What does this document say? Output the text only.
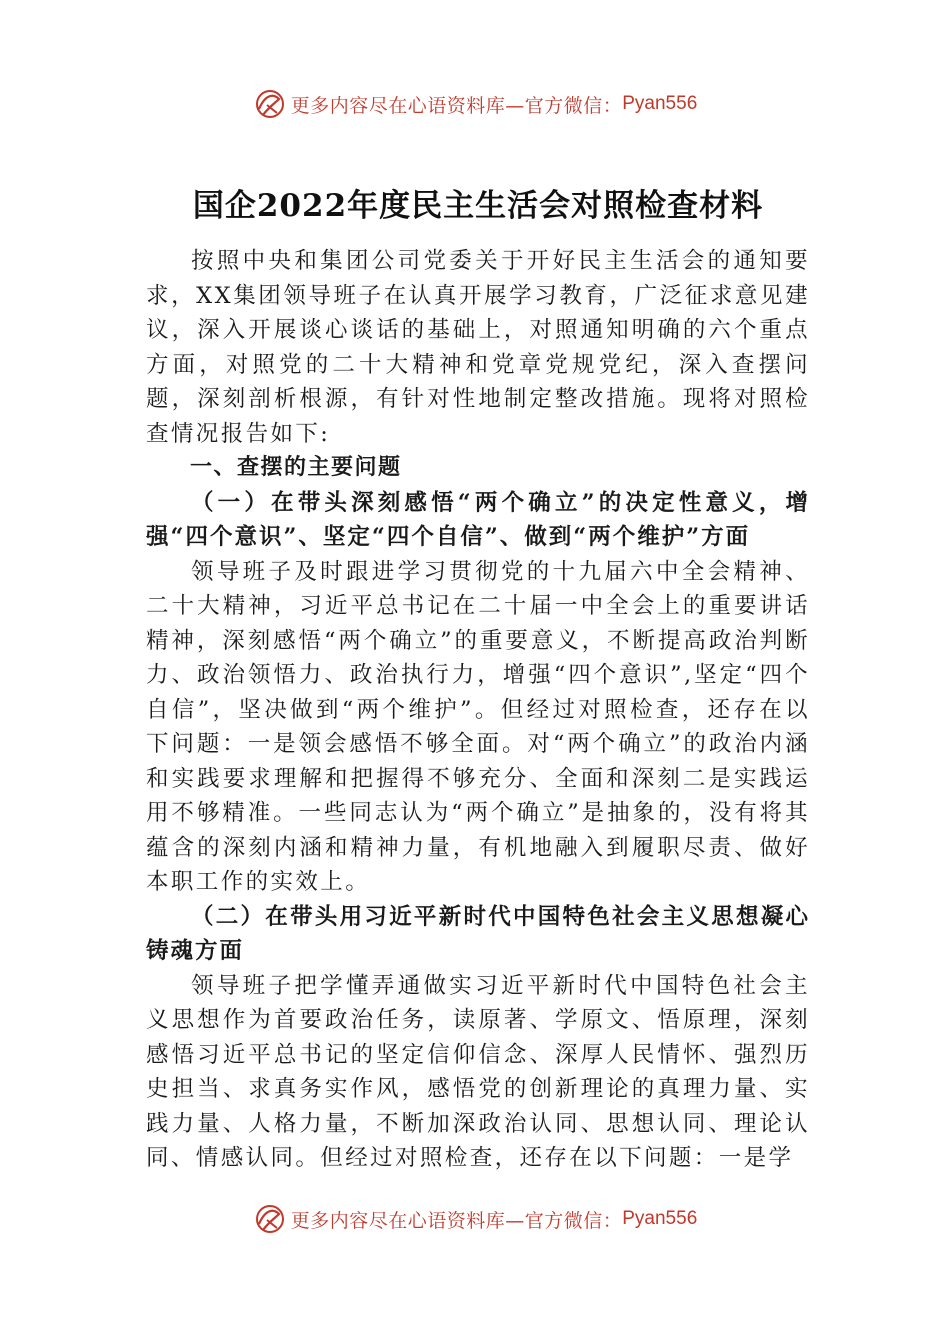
更多内容尽在心语资料库—官方微信： Pyan556
国企2022年度民主生活会对照检查材料

按照中央和集团公司党委关于开好民主生活会的通知要求，XX集团领导班子在认真开展学习教育，广泛征求意见建议，深入开展谈心谈话的基础上，对照通知明确的六个重点方面，对照党的二十大精神和党章党规党纪，深入查摆问题，深刻剖析根源，有针对性地制定整改措施。现将对照检查情况报告如下:

一、查摆的主要问题

（一）在带头深刻感悟“两个确立”的决定性意义，增强“四个意识”、坚定“四个自信”、做到“两个维护”方面

领导班子及时跟进学习贯彻党的十九届六中全会精神、二十大精神，习近平总书记在二十届一中全会上的重要讲话精神，深刻感悟“两个确立”的重要意义，不断提高政治判断力、政治领悟力、政治执行力，增强“四个意识”,坚定“四个自信”，坚决做到“两个维护”。但经过对照检查，还存在以下问题：一是领会感悟不够全面。对“两个确立”的政治内涵和实践要求理解和把握得不够充分、全面和深刻二是实践运用不够精准。一些同志认为“两个确立”是抽象的，没有将其蕴含的深刻内涵和精神力量，有机地融入到履职尽责、做好本职工作的实效上。

（二）在带头用习近平新时代中国特色社会主义思想凝心铸魂方面

领导班子把学懂弄通做实习近平新时代中国特色社会主义思想作为首要政治任务，读原著、学原文、悟原理，深刻感悟习近平总书记的坚定信仰信念、深厚人民情怀、强烈历史担当、求真务实作风，感悟党的创新理论的真理力量、实践力量、人格力量，不断加深政治认同、思想认同、理论认同、情感认同。但经过对照检查，还存在以下问题：一是学

更多内容尽在心语资料库—官方微信： Pyan556
